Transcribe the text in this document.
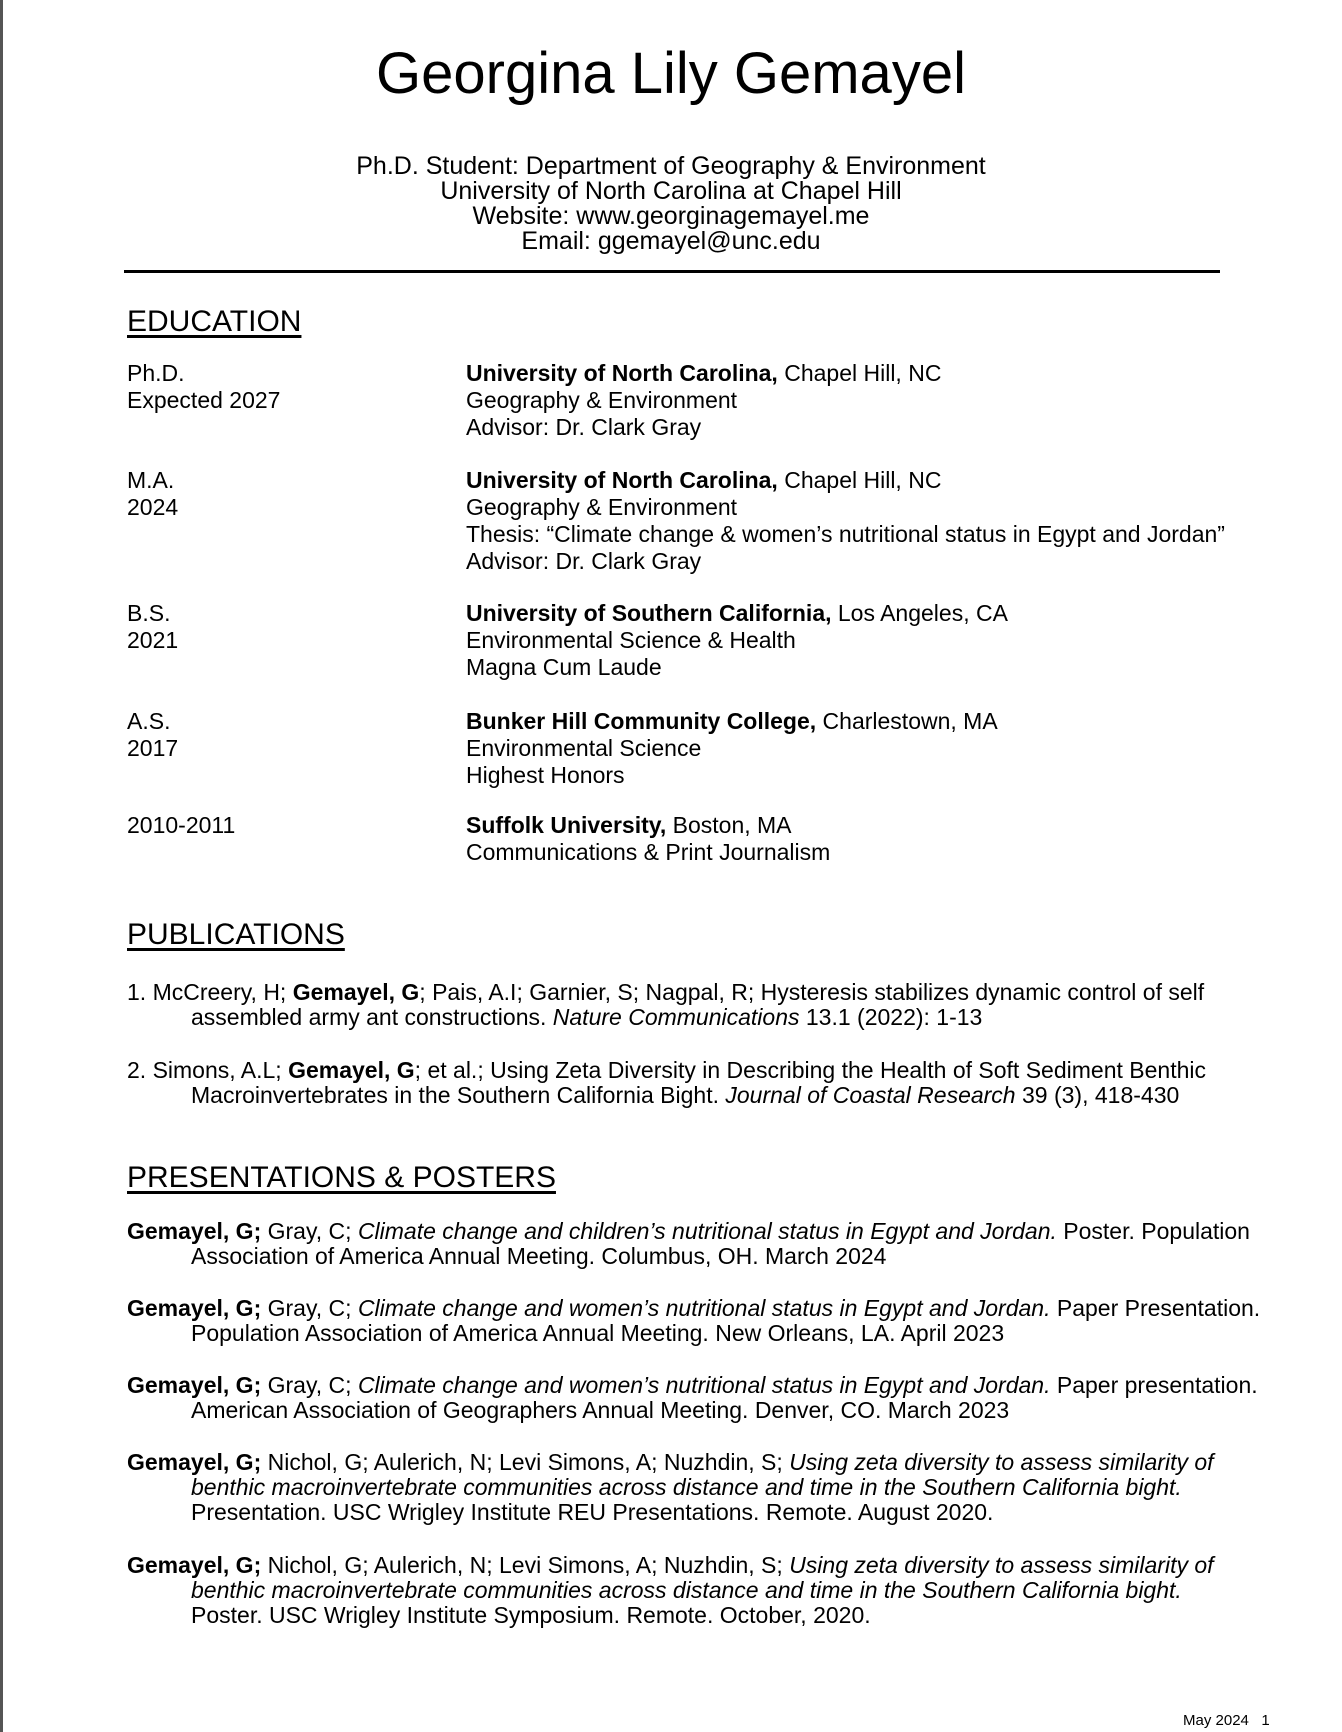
Georgina Lily Gemayel
Ph.D. Student: Department of Geography & Environment
University of North Carolina at Chapel Hill
Website: www.georginagemayel.me
Email: ggemayel@unc.edu
EDUCATION
Ph.D.
Expected 2027
University of North Carolina, Chapel Hill, NC
Geography & Environment
Advisor: Dr. Clark Gray
M.A.
2024
University of North Carolina, Chapel Hill, NC
Geography & Environment
Thesis: “Climate change & women’s nutritional status in Egypt and Jordan”
Advisor: Dr. Clark Gray
B.S.
2021
University of Southern California, Los Angeles, CA
Environmental Science & Health
Magna Cum Laude
A.S.
2017
Bunker Hill Community College, Charlestown, MA
Environmental Science
Highest Honors
2010-2011	Suffolk University, Boston, MA
Communications & Print Journalism
PUBLICATIONS
1. McCreery, H; Gemayel, G; Pais, A.I; Garnier, S; Nagpal, R; Hysteresis stabilizes dynamic control of self
assembled army ant constructions. Nature Communications 13.1 (2022): 1-13
2. Simons, A.L; Gemayel, G; et al.; Using Zeta Diversity in Describing the Health of Soft Sediment Benthic
Macroinvertebrates in the Southern California Bight. Journal of Coastal Research 39 (3), 418-430
PRESENTATIONS & POSTERS
Gemayel, G; Gray, C; Climate change and children’s nutritional status in Egypt and Jordan. Poster. Population
Association of America Annual Meeting. Columbus, OH. March 2024
Gemayel, G; Gray, C; Climate change and women’s nutritional status in Egypt and Jordan. Paper Presentation.
Population Association of America Annual Meeting. New Orleans, LA. April 2023
Gemayel, G; Gray, C; Climate change and women’s nutritional status in Egypt and Jordan. Paper presentation.
American Association of Geographers Annual Meeting. Denver, CO. March 2023
Gemayel, G; Nichol, G; Aulerich, N; Levi Simons, A; Nuzhdin, S; Using zeta diversity to assess similarity of
benthic macroinvertebrate communities across distance and time in the Southern California bight.
Presentation. USC Wrigley Institute REU Presentations. Remote. August 2020.
Gemayel, G; Nichol, G; Aulerich, N; Levi Simons, A; Nuzhdin, S; Using zeta diversity to assess similarity of
benthic macroinvertebrate communities across distance and time in the Southern California bight.
Poster. USC Wrigley Institute Symposium. Remote. October, 2020.
May 2024 1
